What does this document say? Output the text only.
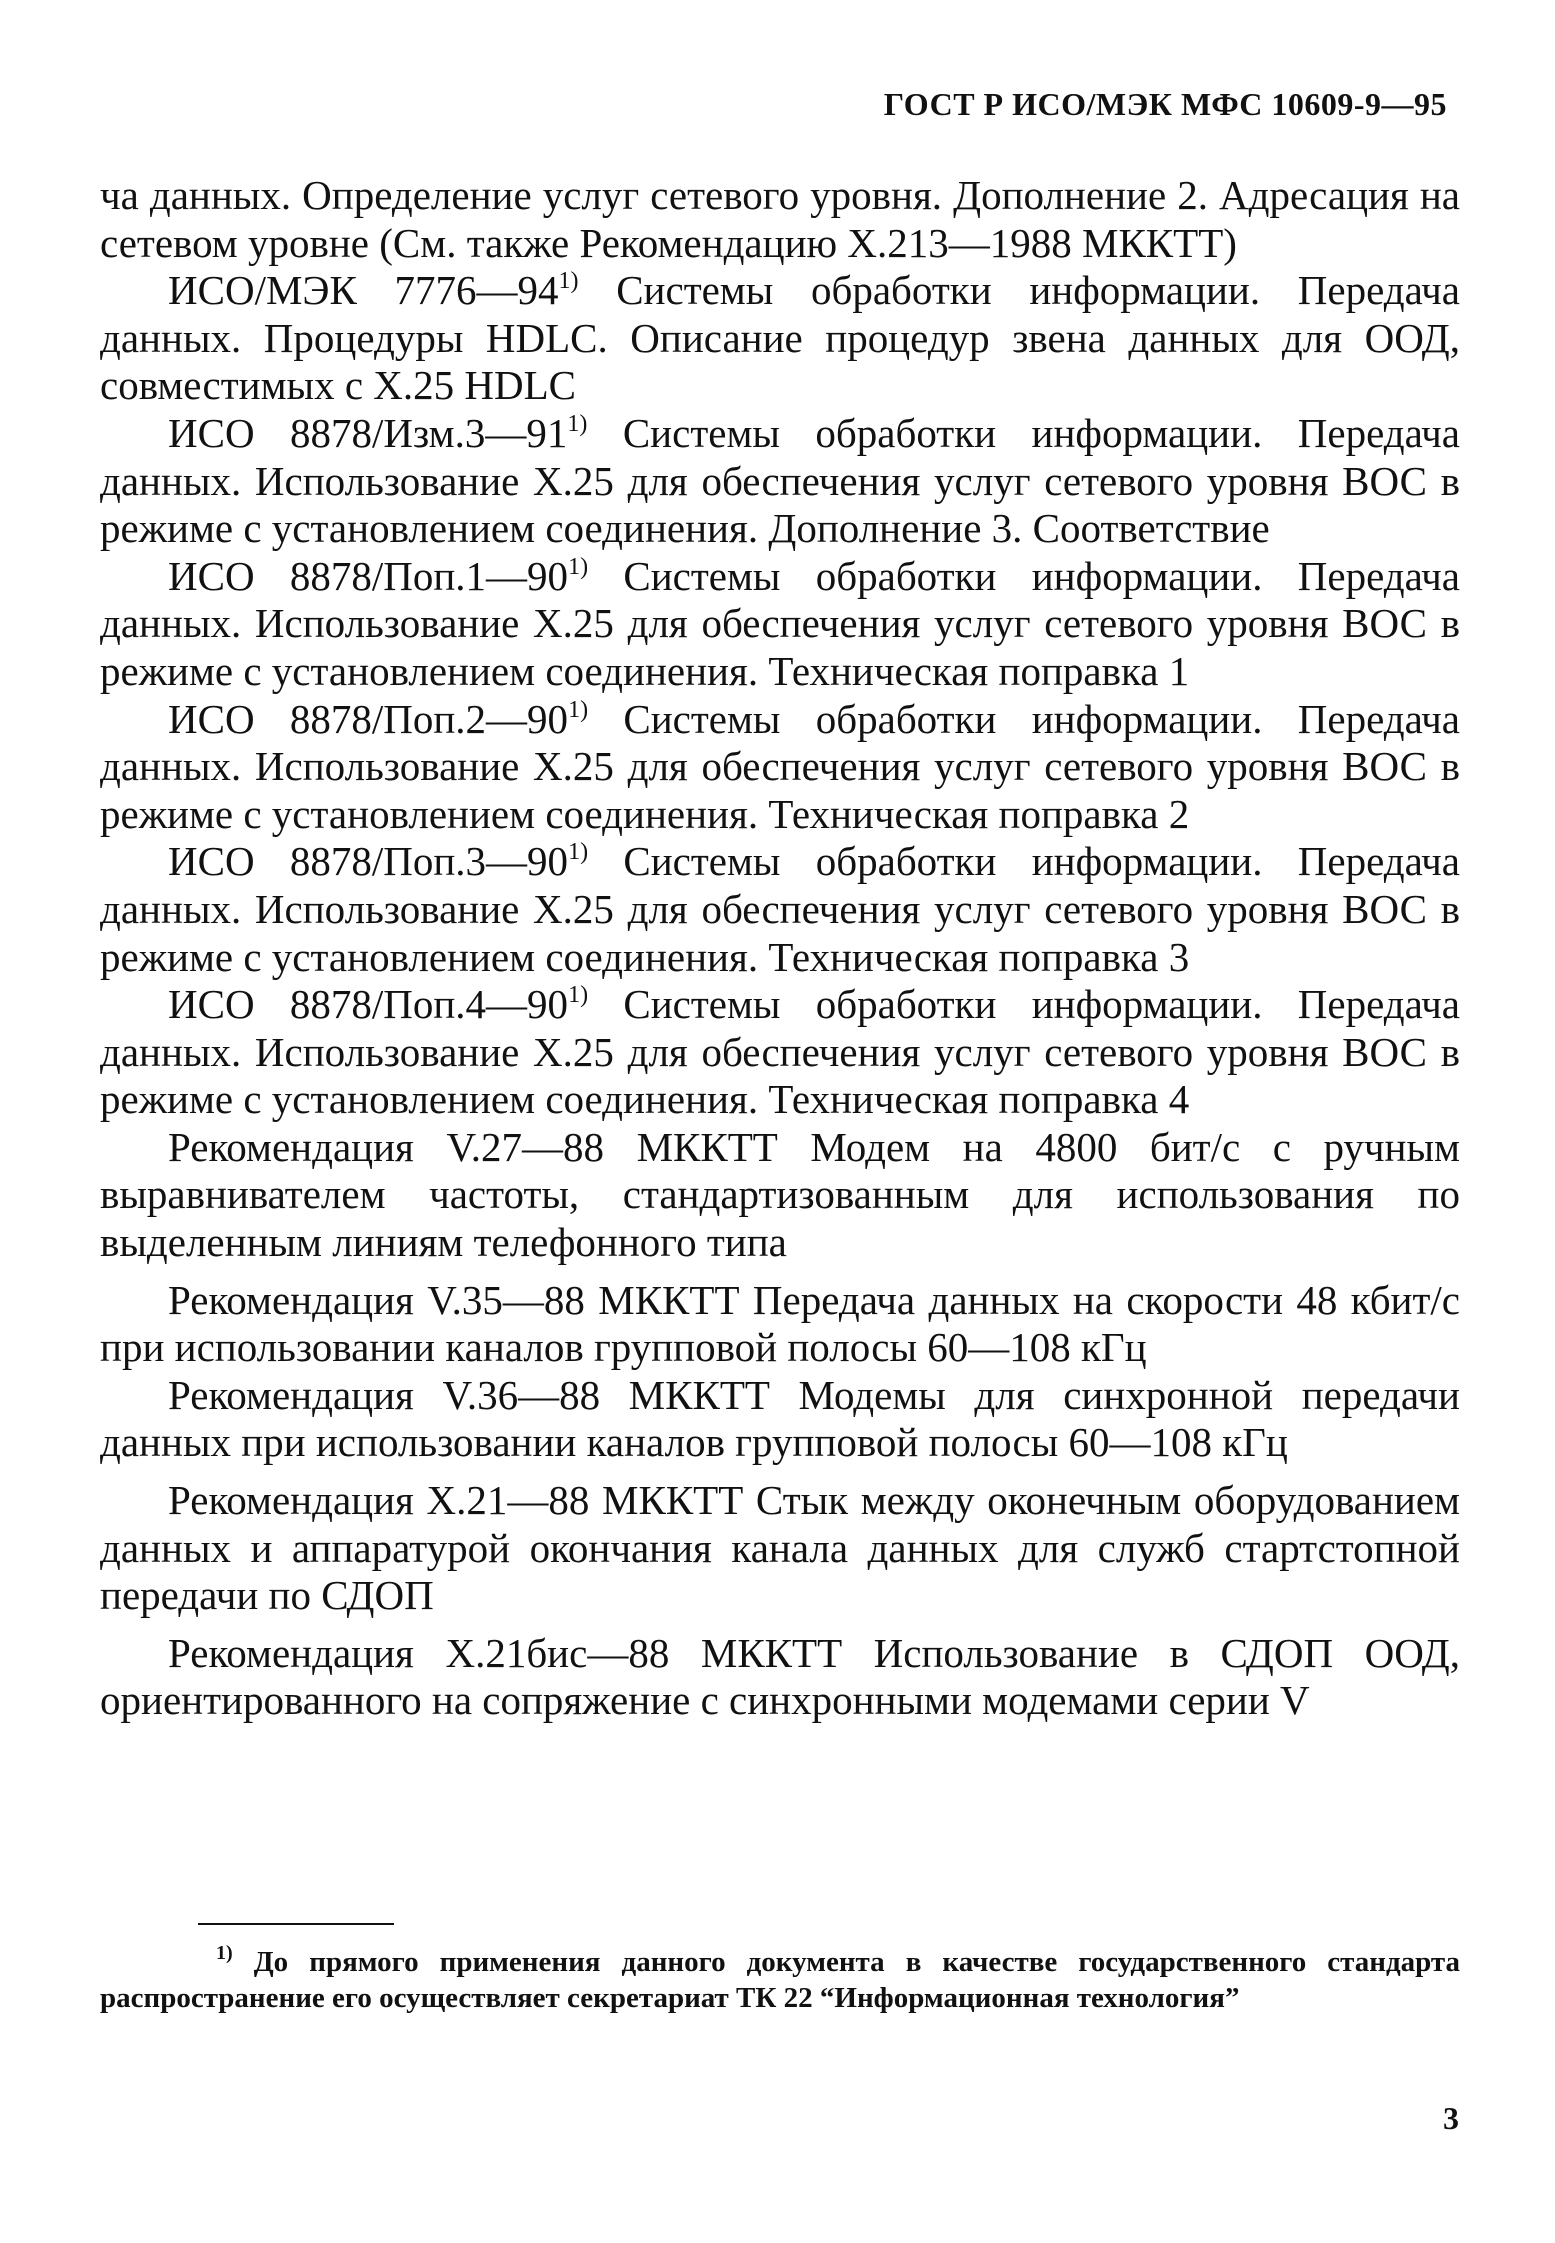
ГОСТ Р ИСО/МЭК МФС 10609-9—95

ча данных. Определение услуг сетевого уровня. Дополнение 2. Адресация на сетевом уровне (См. также Рекомендацию X.213—1988 МККТТ)

ИСО/МЭК 7776—94$^{1)}$ Системы обработки информации. Передача данных. Процедуры HDLC. Описание процедур звена данных для ООД, совместимых с X.25 HDLC

ИСО 8878/Изм.3—91$^{1)}$ Системы обработки информации. Передача данных. Использование X.25 для обеспечения услуг сетевого уровня ВОС в режиме с установлением соединения. Дополнение 3. Соответствие

ИСО 8878/Поп.1—90$^{1)}$ Системы обработки информации. Передача данных. Использование X.25 для обеспечения услуг сетевого уровня ВОС в режиме с установлением соединения. Техническая поправка 1

ИСО 8878/Поп.2—90$^{1)}$ Системы обработки информации. Передача данных. Использование X.25 для обеспечения услуг сетевого уровня ВОС в режиме с установлением соединения. Техническая поправка 2

ИСО 8878/Поп.3—90$^{1)}$ Системы обработки информации. Передача данных. Использование X.25 для обеспечения услуг сетевого уровня ВОС в режиме с установлением соединения. Техническая поправка 3

ИСО 8878/Поп.4—90$^{1)}$ Системы обработки информации. Передача данных. Использование X.25 для обеспечения услуг сетевого уровня ВОС в режиме с установлением соединения. Техническая поправка 4

Рекомендация V.27—88 МККТТ Модем на 4800 бит/с с ручным выравнивателем частоты, стандартизованным для использования по выделенным линиям телефонного типа

Рекомендация V.35—88 МККТТ Передача данных на скорости 48 кбит/с при использовании каналов групповой полосы 60—108 кГц

Рекомендация V.36—88 МККТТ Модемы для синхронной передачи данных при использовании каналов групповой полосы 60—108 кГц

Рекомендация X.21—88 МККТТ Стык между оконечным оборудованием данных и аппаратурой окончания канала данных для служб стартстопной передачи по СДОП

Рекомендация X.21бис—88 МККТТ Использование в СДОП ООД, ориентированного на сопряжение с синхронными модемами серии V

$^{1)}$ До прямого применения данного документа в качестве государственного стандарта распространение его осуществляет секретариат ТК 22 “Информационная технология”
3
